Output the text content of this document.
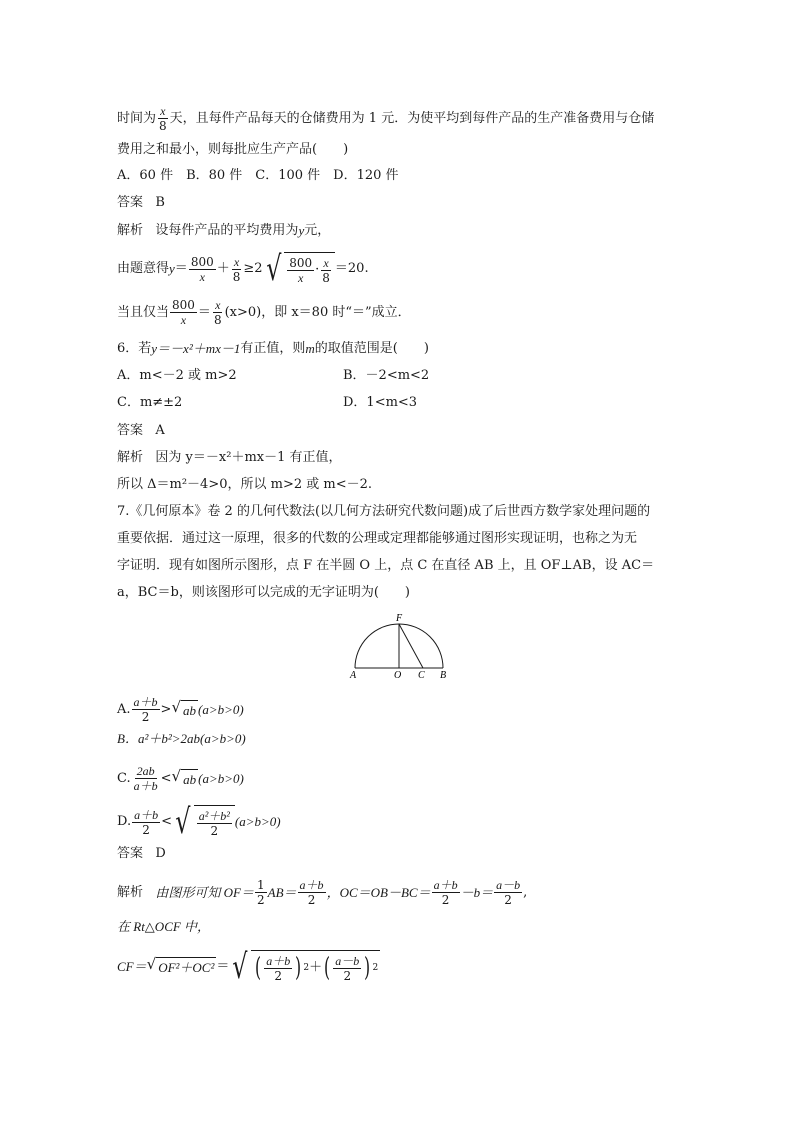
时间为 $\frac{x}{8}$ 天，且每件产品每天的仓储费用为 1 元．为使平均到每件产品的生产准备费用与仓储
费用之和最小，则每批应生产产品(　　)
A．60 件　B．80 件　C．100 件　D．120 件
答案
B
解析
设每件产品的平均费用为 y 元，
由题意得 $y = \frac{800}{x} + \frac{x}{8} \ge 2$ √ $\frac{800}{x} \cdot \frac{x}{8} =20$.
当且仅当 $\frac{800}{x} = \frac{x}{8} (x>0)$，即 x＝80 时“＝”成立．
6．若 y＝－x²＋mx－1 有正值，则 m 的取值范围是(　　)
A．m<－2 或 m>2	B．－2<m<2
C．m≠±2	D．1<m<3
答案
A
解析
因为 y＝－x²＋mx－1 有正值，
所以 Δ＝m²－4>0，所以 m>2 或 m<－2.
7.《几何原本》卷 2 的几何代数法(以几何方法研究代数问题)成了后世西方数学家处理问题的
重要依据．通过这一原理，很多的代数的公理或定理都能够通过图形实现证明，也称之为无
字证明．现有如图所示图形，点 F 在半圆 O 上，点 C 在直径 AB 上，且 OF⊥AB，设 AC＝
a，BC＝b，则该图形可以完成的无字证明为(　　)
A	O C B
F
A. $\frac{a+b}{2}$ > √ ab (a>b>0)
B．a²＋b²>2ab(a>b>0)
C. $\frac{2ab}{a+b}$ < √ ab (a>b>0)
D. $\frac{a+b}{2}$ < √ $\frac{\text{a²＋b²}}{2} (a>b>0)$
答案
D
解析
由图形可知 $OF= \frac{1}{2} AB= \frac{a+b}{2}$ ，$OC=OB-BC= \frac{a+b}{2} -b= \frac{a-b}{2}$ ,
在 Rt△OCF 中，
CF＝ √ OF²＋OC² ＝ √ ( $\frac{a+b}{2}$ ) 2 ＋ ( $\frac{a-b}{2}$ ) 2
